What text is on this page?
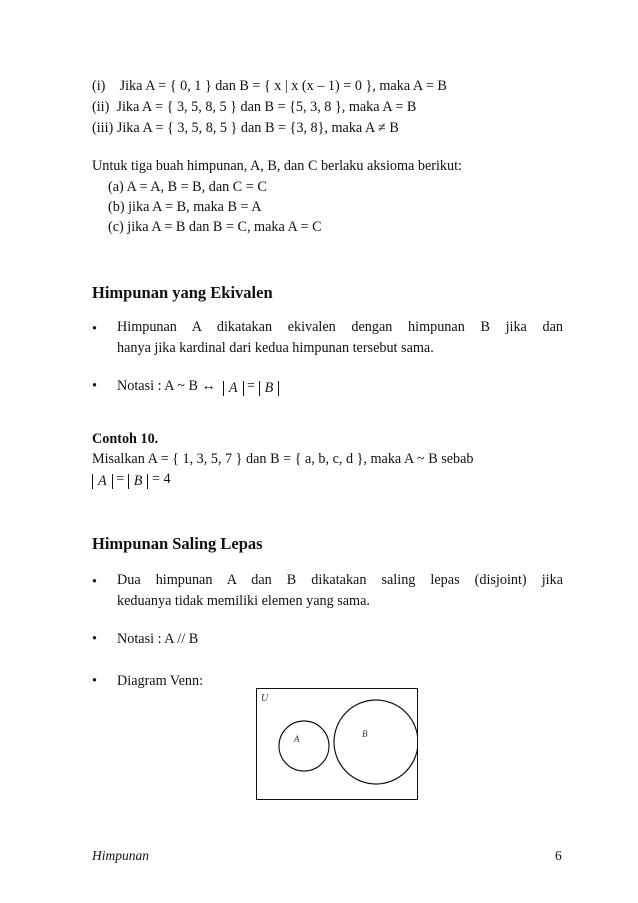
(i) Jika A = { 0, 1 } dan B = { x | x (x – 1) = 0 }, maka A = B
(ii) Jika A = { 3, 5, 8, 5 } dan B = {5, 3, 8 }, maka A = B
(iii) Jika A = { 3, 5, 8, 5 } dan B = {3, 8}, maka A ≠ B
Untuk tiga buah himpunan, A, B, dan C berlaku aksioma berikut:
(a) A = A, B = B, dan C = C
(b) jika A = B, maka B = A
(c) jika A = B dan B = C, maka A = C
Himpunan yang Ekivalen
• Himpunan A dikatakan ekivalen dengan himpunan B jika dan
hanya jika kardinal dari kedua himpunan tersebut sama.
• Notasi : A ~ B ↔ A = B
Contoh 10.
Misalkan A = { 1, 3, 5, 7 } dan B = { a, b, c, d }, maka A ~ B sebab
A = B = 4
Himpunan Saling Lepas
• Dua himpunan A dan B dikatakan saling lepas (disjoint) jika
keduanya tidak memiliki elemen yang sama.
• Notasi : A // B
• Diagram Venn:
U
A	B
Himpunan	6
